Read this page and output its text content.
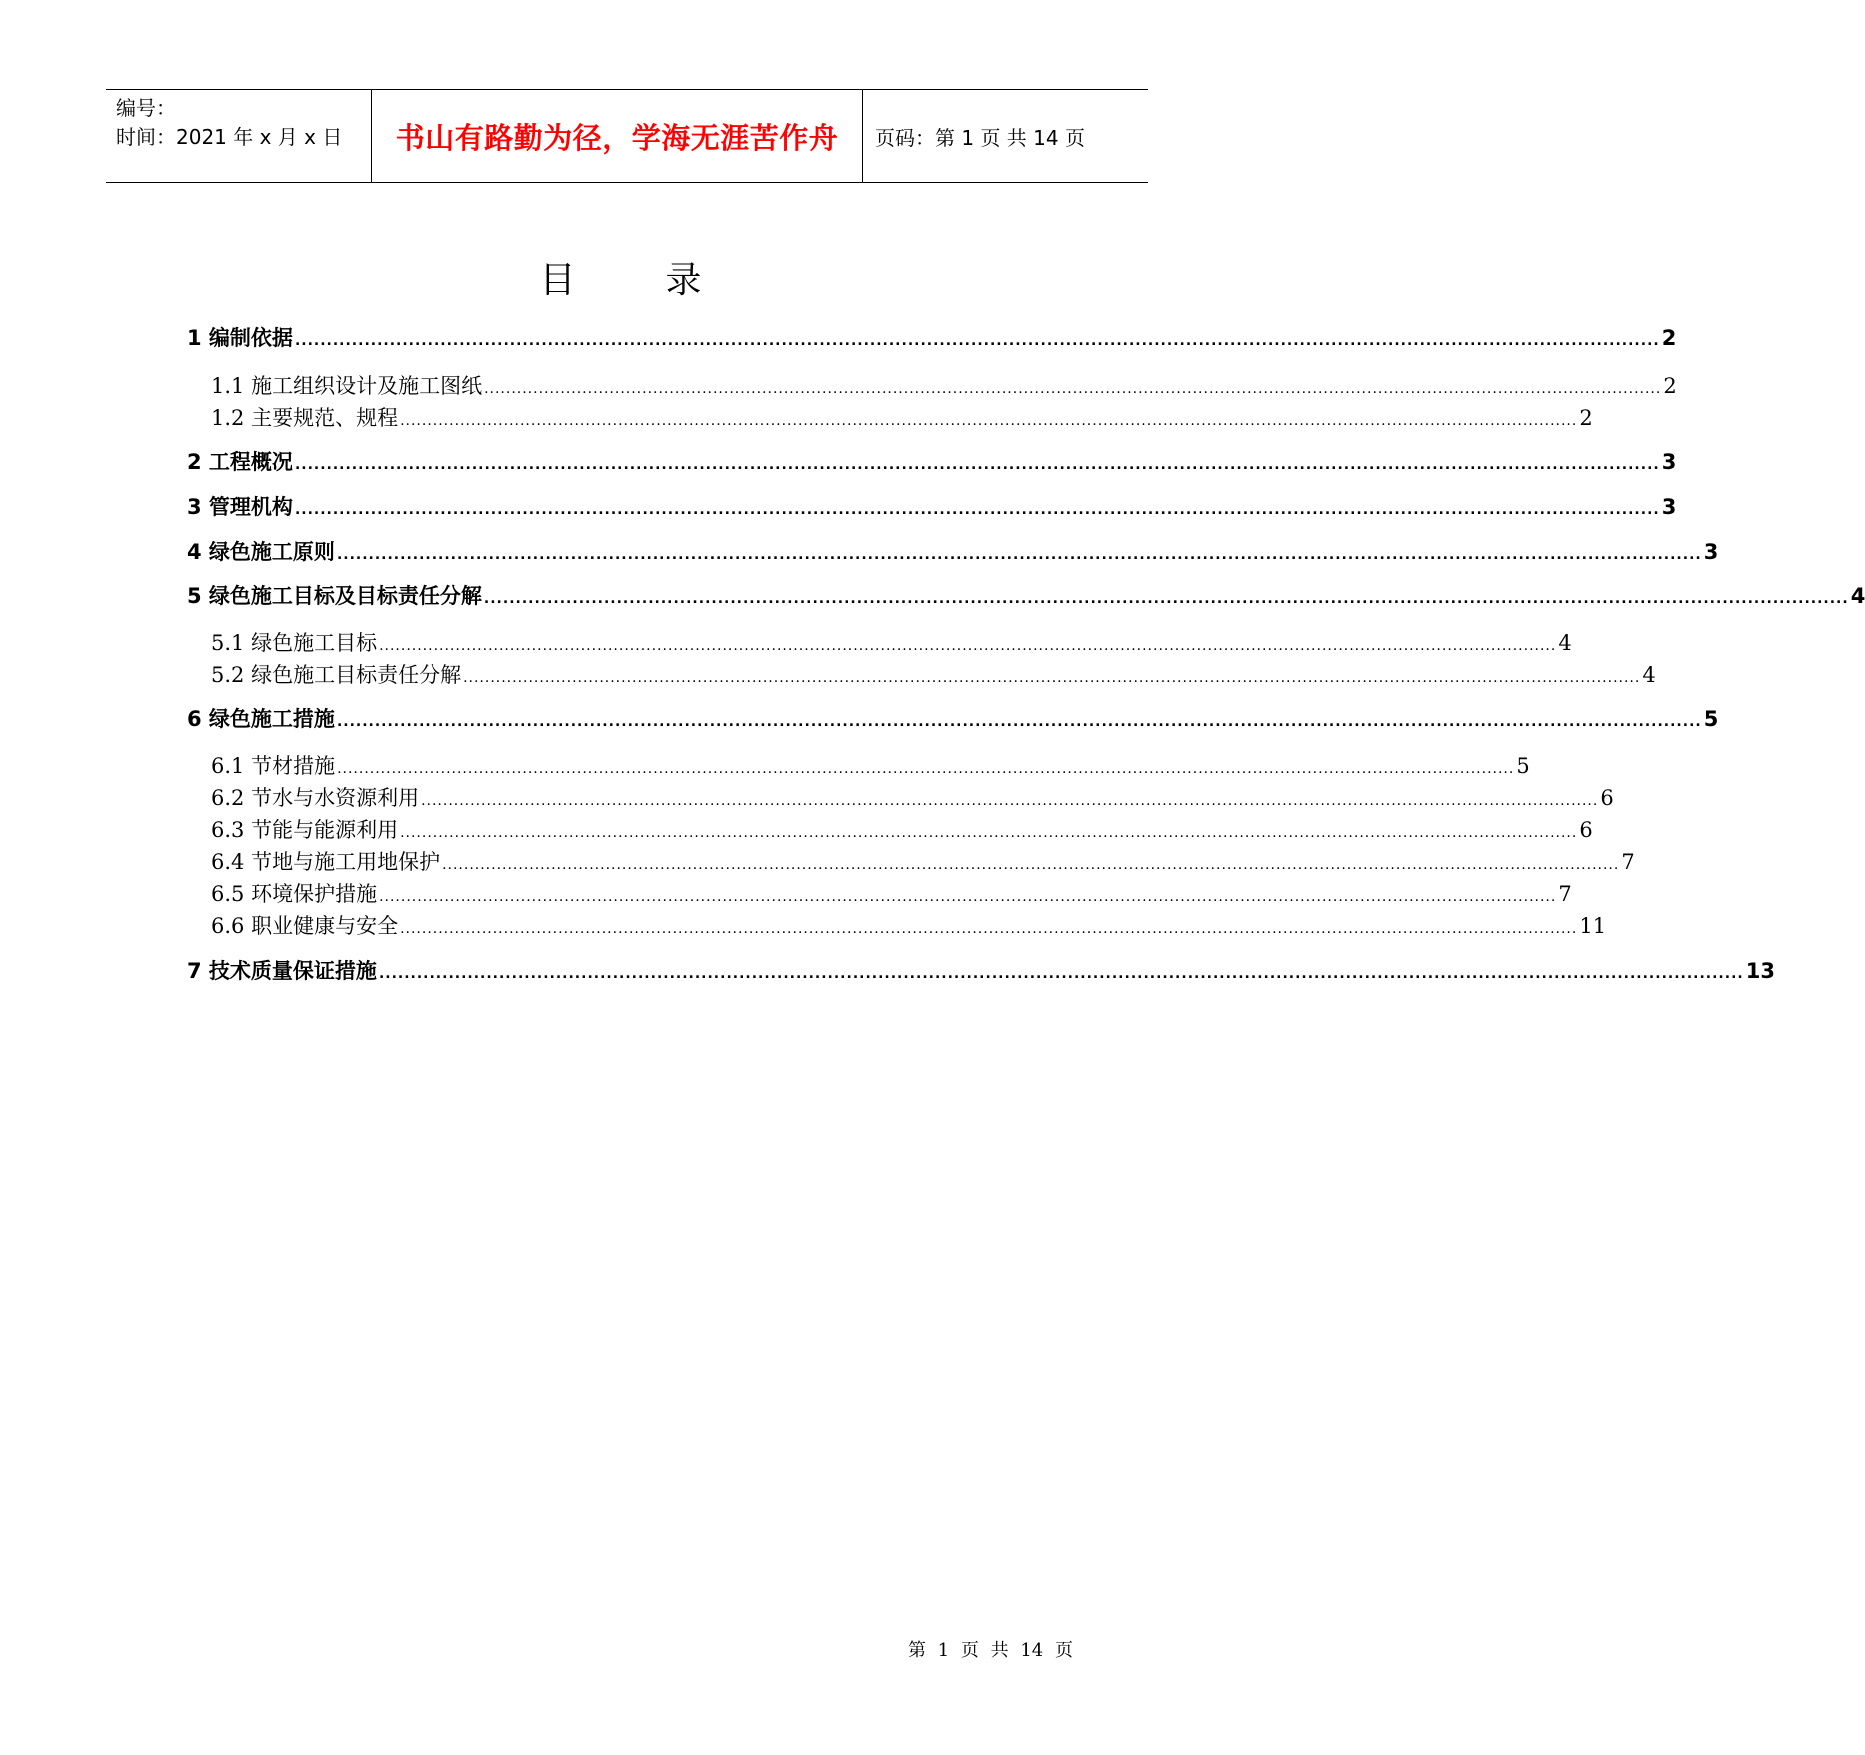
编号：
时间：2021 年 x 月 x 日	书山有路勤为径，学海无涯苦作舟	页码：第 1 页 共 14 页
目录
1 编制依据 ........................................................................................................................................................................................................................ 2
1.1 施工组织设计及施工图纸 ........................................................................................................................................................................................................................ 2
1.2 主要规范、规程 ........................................................................................................................................................................................................................ 2
2 工程概况 ........................................................................................................................................................................................................................ 3
3 管理机构 ........................................................................................................................................................................................................................ 3
4 绿色施工原则 ........................................................................................................................................................................................................................ 3
5 绿色施工目标及目标责任分解 ........................................................................................................................................................................................................................ 4
5.1 绿色施工目标 ........................................................................................................................................................................................................................ 4
5.2 绿色施工目标责任分解 ........................................................................................................................................................................................................................ 4
6 绿色施工措施 ........................................................................................................................................................................................................................ 5
6.1 节材措施 ........................................................................................................................................................................................................................ 5
6.2 节水与水资源利用 ........................................................................................................................................................................................................................ 6
6.3 节能与能源利用 ........................................................................................................................................................................................................................ 6
6.4 节地与施工用地保护 ........................................................................................................................................................................................................................ 7
6.5 环境保护措施 ........................................................................................................................................................................................................................ 7
6.6 职业健康与安全 ........................................................................................................................................................................................................................ 11
7 技术质量保证措施 ........................................................................................................................................................................................................................ 13
第 1 页 共 14 页
